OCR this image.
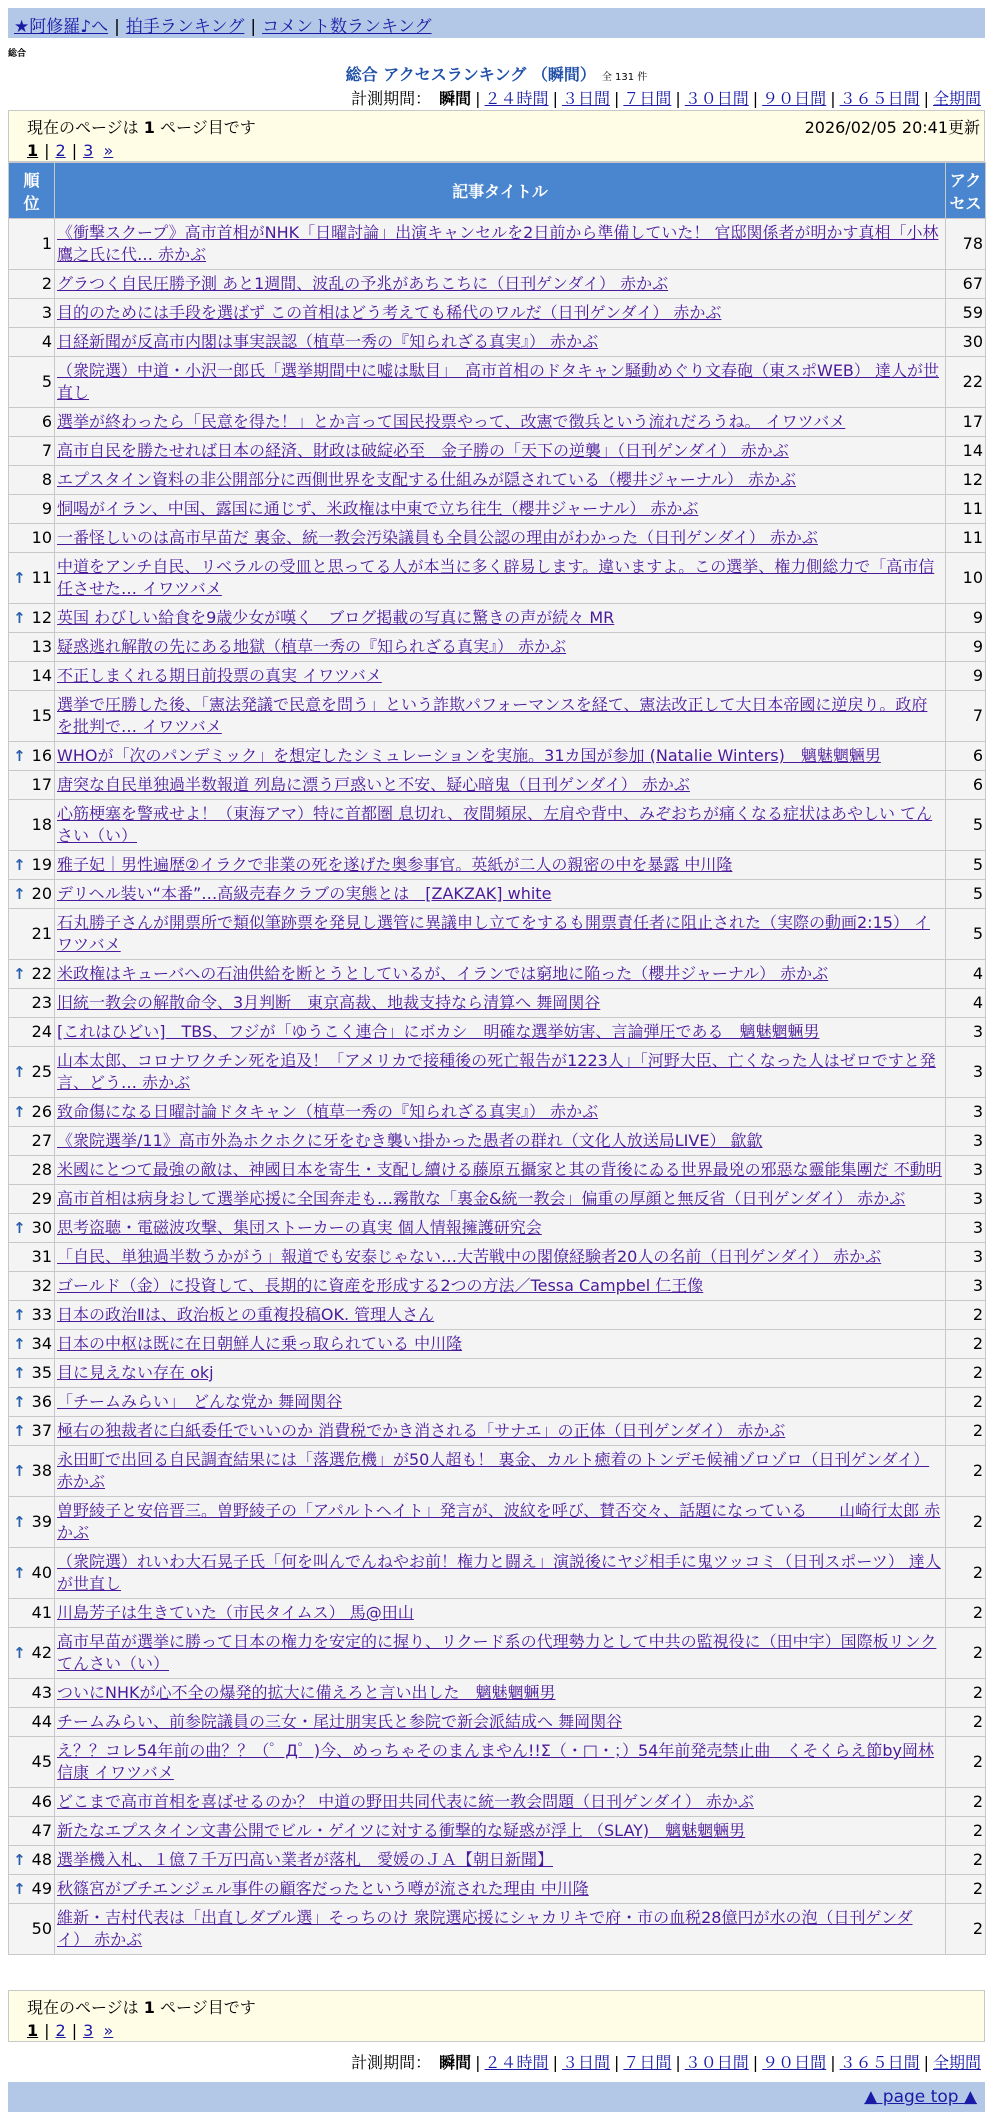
★阿修羅♪へ | 拍手ランキング | コメント数ランキング
総合
総合 アクセスランキング （瞬間） 全 131 件
計測期間： 瞬間 | ２４時間 | ３日間 | ７日間 | ３０日間 | ９０日間 | ３６５日間 | 全期間
現在のページは 1 ページ目です	2026/02/05 20:41更新
1 | 2 | 3 »
順
位	記事タイトル	アク
セス
1	《衝撃スクープ》高市首相がNHK「日曜討論」出演キャンセルを2日前から準備していた！ 官邸関係者が明かす真相「小林鷹之氏に代… 赤かぶ	78
2	グラつく自民圧勝予測 あと1週間、波乱の予兆があちこちに（日刊ゲンダイ） 赤かぶ	67
3	目的のためには手段を選ばず この首相はどう考えても稀代のワルだ（日刊ゲンダイ） 赤かぶ	59
4	日経新聞が反高市内閣は事実誤認（植草一秀の『知られざる真実』） 赤かぶ	30
5	（衆院選）中道・小沢一郎氏「選挙期間中に嘘は駄目」　高市首相のドタキャン騒動めぐり文春砲（東スポWEB） 達人が世直し	22
6	選挙が終わったら「民意を得た！」とか言って国民投票やって、改憲で徴兵という流れだろうね。 イワツバメ	17
7	高市自民を勝たせれば日本の経済、財政は破綻必至　金子勝の「天下の逆襲」（日刊ゲンダイ） 赤かぶ	14
8	エプスタイン資料の非公開部分に西側世界を支配する仕組みが隠されている（櫻井ジャーナル） 赤かぶ	12
9	恫喝がイラン、中国、露国に通じず、米政権は中東で立ち往生（櫻井ジャーナル） 赤かぶ	11
10	一番怪しいのは高市早苗だ 裏金、統一教会汚染議員も全員公認の理由がわかった（日刊ゲンダイ） 赤かぶ	11
↑ 11	中道をアンチ自民、リベラルの受皿と思ってる人が本当に多く辟易します。違いますよ。この選挙、権力側総力で「高市信任させた… イワツバメ	10
↑ 12	英国 わびしい給食を9歳少女が嘆く　ブログ掲載の写真に驚きの声が続々 MR	9
13	疑惑逃れ解散の先にある地獄（植草一秀の『知られざる真実』） 赤かぶ	9
14	不正しまくれる期日前投票の真実 イワツバメ	9
15	選挙で圧勝した後、「憲法発議で民意を問う」という詐欺パフォーマンスを経て、憲法改正して大日本帝國に逆戻り。政府を批判で… イワツバメ	7
↑ 16	WHOが「次のパンデミック」を想定したシミュレーションを実施。31カ国が参加 (Natalie Winters)　魑魅魍魎男	6
17	唐突な自民単独過半数報道 列島に漂う戸惑いと不安、疑心暗鬼（日刊ゲンダイ） 赤かぶ	6
18	心筋梗塞を警戒せよ！（東海アマ）特に首都圏 息切れ、夜間頻尿、左肩や背中、みぞおちが痛くなる症状はあやしい てんさい（い）	5
↑ 19	雅子妃｜男性遍歴②イラクで非業の死を遂げた奥参事官。英紙が二人の親密の中を暴露 中川隆	5
↑ 20	デリヘル装い“本番”…高級売春クラブの実態とは　[ZAKZAK] white	5
21	石丸勝子さんが開票所で類似筆跡票を発見し選管に異議申し立てをするも開票責任者に阻止された（実際の動画2:15） イワツバメ	5
↑ 22	米政権はキューバへの石油供給を断とうとしているが、イランでは窮地に陥った（櫻井ジャーナル） 赤かぶ	4
23	旧統一教会の解散命令、3月判断　東京高裁、地裁支持なら清算へ 舞岡関谷	4
24	[これはひどい]　TBS、フジが「ゆうこく連合」にボカシ　明確な選挙妨害、言論弾圧である　魑魅魍魎男	3
↑ 25	山本太郎、コロナワクチン死を追及！「アメリカで接種後の死亡報告が1223人」「河野大臣、亡くなった人はゼロですと発言、どう… 赤かぶ	3
↑ 26	致命傷になる日曜討論ドタキャン（植草一秀の『知られざる真実』） 赤かぶ	3
27	《衆院選挙/11》高市外為ホクホクに牙をむき襲い掛かった愚者の群れ（文化人放送局LIVE） 歙歙	3
28	米國にとつて最強の敵は、神國日本を寄生・支配し續ける藤原五攝家と其の背後にゐる世界最兇の邪惡な靈能集團だ 不動明	3
29	高市首相は病身おして選挙応援に全国奔走も…霧散な「裏金&統一教会」偏重の厚顔と無反省（日刊ゲンダイ） 赤かぶ	3
↑ 30	思考盗聴・電磁波攻撃、集団ストーカーの真実 個人情報擁護研究会	3
31	「自民、単独過半数うかがう」報道でも安泰じゃない…大苦戦中の閣僚経験者20人の名前（日刊ゲンダイ） 赤かぶ	3
32	ゴールド（金）に投資して、長期的に資産を形成する2つの方法／Tessa Campbel 仁王像	3
↑ 33	日本の政治Ⅱは、政治板との重複投稿OK. 管理人さん	2
↑ 34	日本の中枢は既に在日朝鮮人に乗っ取られている 中川隆	2
↑ 35	目に見えない存在 okj	2
↑ 36	「チームみらい」　どんな党か 舞岡関谷	2
↑ 37	極右の独裁者に白紙委任でいいのか 消費税でかき消される「サナエ」の正体（日刊ゲンダイ） 赤かぶ	2
↑ 38	永田町で出回る自民調査結果には「落選危機」が50人超も！ 裏金、カルト癒着のトンデモ候補ゾロゾロ（日刊ゲンダイ） 赤かぶ	2
↑ 39	曽野綾子と安倍晋三。曽野綾子の「アパルトヘイト」発言が、波紋を呼び、賛否交々、話題になっている　　山崎行太郎 赤かぶ	2
↑ 40	（衆院選）れいわ大石晃子氏「何を叫んでんねやお前！権力と闘え」演説後にヤジ相手に鬼ツッコミ（日刊スポーツ） 達人が世直し	2
41	川島芳子は生きていた（市民タイムス） 馬@田山	2
↑ 42	高市早苗が選挙に勝って日本の権力を安定的に握り、リクード系の代理勢力として中共の監視役に（田中宇）国際板リンク てんさい（い）	2
43	ついにNHKが心不全の爆発的拡大に備えろと言い出した　魑魅魍魎男	2
44	チームみらい、前参院議員の三女・尾辻朋実氏と参院で新会派結成へ 舞岡関谷	2
45	え？？コレ54年前の曲？？（゜Д゜)今、めっちゃそのまんまやん!!Σ（・□・；）54年前発売禁止曲　くそくらえ節by岡林信康 イワツバメ	2
46	どこまで高市首相を喜ばせるのか？ 中道の野田共同代表に統一教会問題（日刊ゲンダイ） 赤かぶ	2
47	新たなエプスタイン文書公開でビル・ゲイツに対する衝撃的な疑惑が浮上 （SLAY)　魑魅魍魎男	2
↑ 48	選挙機入札、１億７千万円高い業者が落札　愛媛のＪＡ【朝日新聞】	2
↑ 49	秋篠宮がブチエンジェル事件の顧客だったという噂が流された理由 中川隆	2
50	維新・吉村代表は「出直しダブル選」そっちのけ 衆院選応援にシャカリキで府・市の血税28億円が水の泡（日刊ゲンダイ） 赤かぶ	2
現在のページは 1 ページ目です
1 | 2 | 3 »
計測期間： 瞬間 | ２４時間 | ３日間 | ７日間 | ３０日間 | ９０日間 | ３６５日間 | 全期間
▲ page top ▲
